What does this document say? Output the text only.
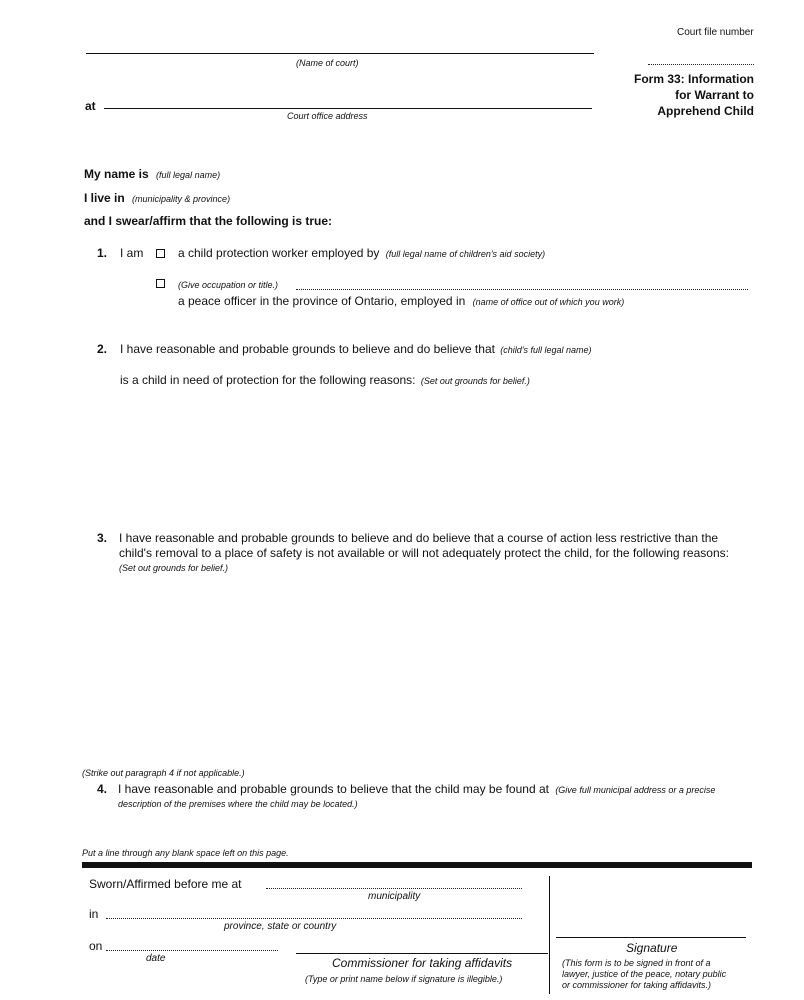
Court file number
(Name of court)
at
Court office address
Form 33: Information
for Warrant to
Apprehend Child
My name is (full legal name)
I live in (municipality & province)
and I swear/affirm that the following is true:
1. I am	a child protection worker employed by (full legal name of children's aid society)
(Give occupation or title.)
a peace officer in the province of Ontario, employed in (name of office out of which you work)
2. I have reasonable and probable grounds to believe and do believe that (child's full legal name)
is a child in need of protection for the following reasons: (Set out grounds for belief.)
3. I have reasonable and probable grounds to believe and do believe that a course of action less restrictive than the
child's removal to a place of safety is not available or will not adequately protect the child, for the following reasons:
(Set out grounds for belief.)
(Strike out paragraph 4 if not applicable.)
4. I have reasonable and probable grounds to believe that the child may be found at (Give full municipal address or a precise
description of the premises where the child may be located.)
Put a line through any blank space left on this page.
Sworn/Affirmed before me at
municipality
in
province, state or country
on
date	Commissioner for taking affidavits
(Type or print name below if signature is illegible.)
Signature
(This form is to be signed in front of a
lawyer, justice of the peace, notary public
or commissioner for taking affidavits.)
